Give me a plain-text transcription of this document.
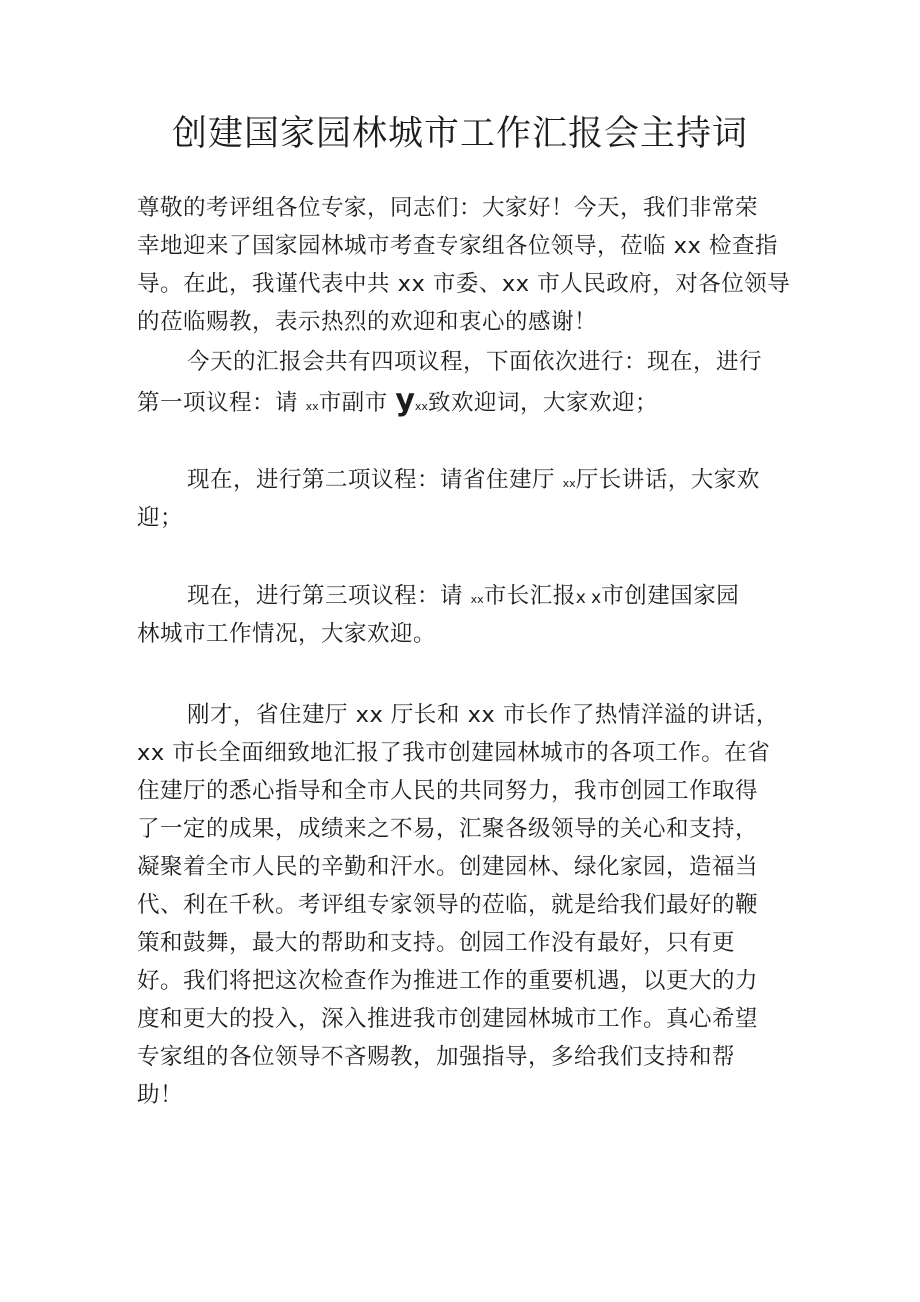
创建国家园林城市工作汇报会主持词
尊敬的考评组各位专家，同志们：大家好！今天，我们非常荣
幸地迎来了国家园林城市考查专家组各位领导，莅临 xx 检查指
导。在此，我谨代表中共 xx 市委、xx 市人民政府，对各位领导
的莅临赐教，表示热烈的欢迎和衷心的感谢！
今天的汇报会共有四项议程，下面依次进行：现在，进行
第一项议程：请 xx市副市 yxx致欢迎词，大家欢迎；
现在，进行第二项议程：请省住建厅 xx厅长讲话，大家欢
迎；
现在，进行第三项议程：请 xx市长汇报x x市创建国家园
林城市工作情况，大家欢迎。
刚才，省住建厅 xx 厅长和 xx 市长作了热情洋溢的讲话，
xx 市长全面细致地汇报了我市创建园林城市的各项工作。在省
住建厅的悉心指导和全市人民的共同努力，我市创园工作取得
了一定的成果，成绩来之不易，汇聚各级领导的关心和支持，
凝聚着全市人民的辛勤和汗水。创建园林、绿化家园，造福当
代、利在千秋。考评组专家领导的莅临，就是给我们最好的鞭
策和鼓舞，最大的帮助和支持。创园工作没有最好，只有更
好。我们将把这次检查作为推进工作的重要机遇，以更大的力
度和更大的投入，深入推进我市创建园林城市工作。真心希望
专家组的各位领导不吝赐教，加强指导，多给我们支持和帮
助！
